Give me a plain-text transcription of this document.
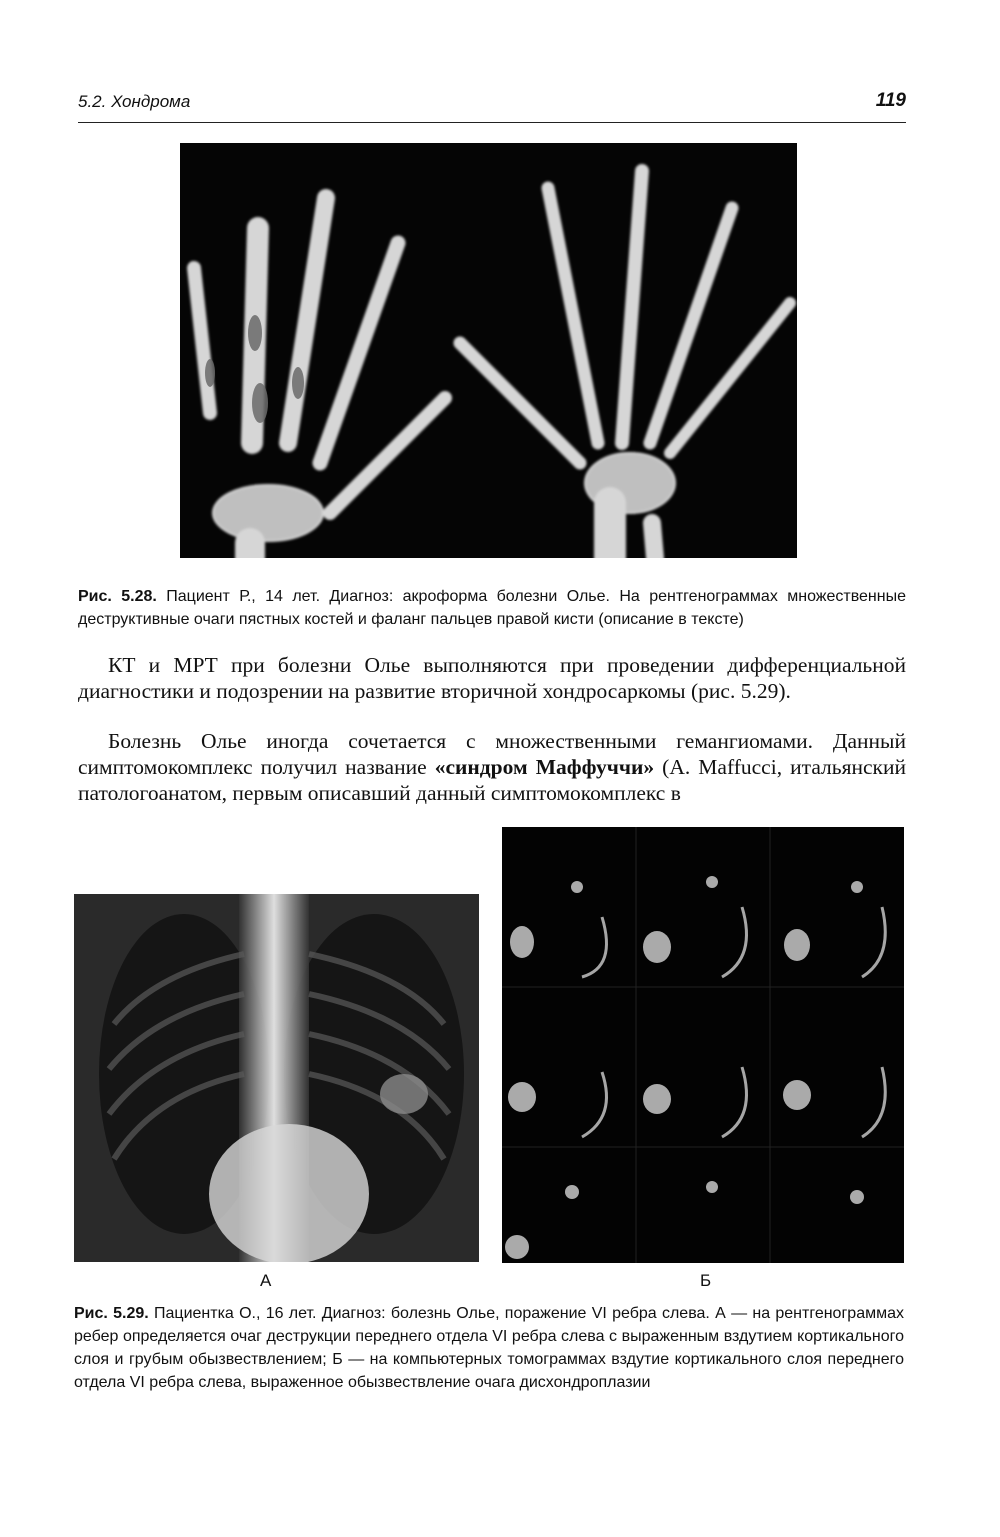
5.2. Хондрома	119
Рис. 5.28. Пациент Р., 14 лет. Диагноз: акроформа болезни Олье. На рентгенограммах множественные деструктивные очаги пястных костей и фаланг пальцев правой кисти (описание в тексте)

КТ и МРТ при болезни Олье выполняются при проведении дифференциальной диагностики и подозрении на развитие вторичной хондросаркомы (рис. 5.29).

Болезнь Олье иногда сочетается с множественными гемангиомами. Данный симптомокомплекс получил название «синдром Маффуччи» (A. Maffucci, итальянский патологоанатом, первым описавший данный симптомокомплекс в

А	Б
Рис. 5.29. Пациентка О., 16 лет. Диагноз: болезнь Олье, поражение VI ребра слева. А — на рентгенограммах ребер определяется очаг деструкции переднего отдела VI ребра слева с выраженным вздутием кортикального слоя и грубым обызвествлением; Б — на компьютерных томограммах вздутие кортикального слоя переднего отдела VI ребра слева, выраженное обызвествление очага дисхондроплазии
